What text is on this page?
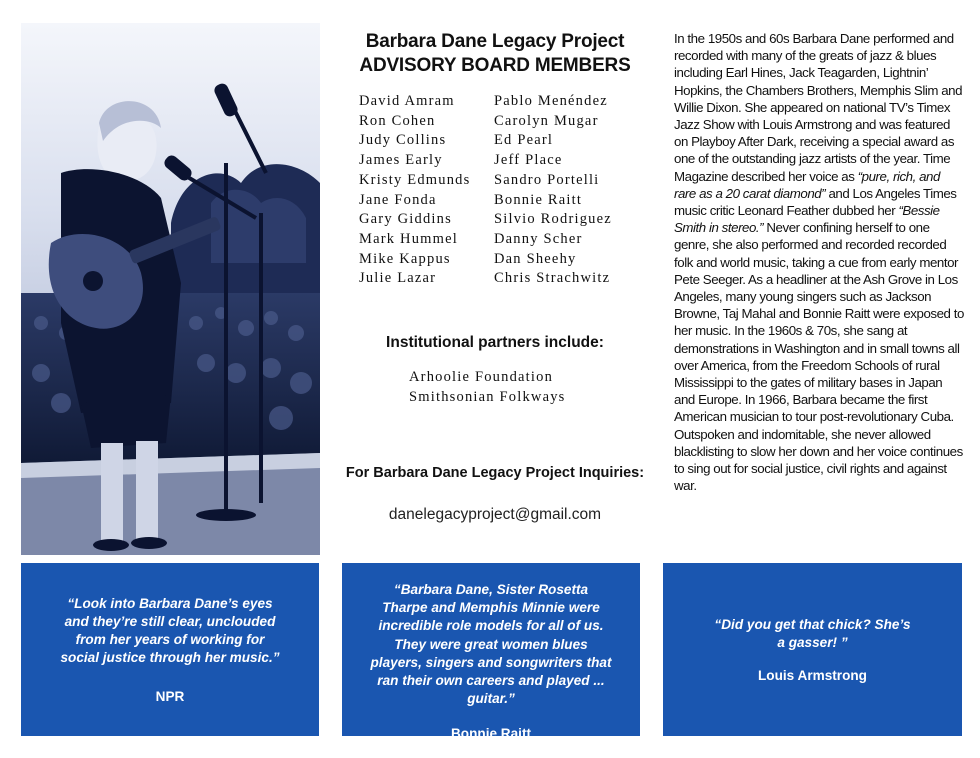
Barbara Dane Legacy Project
ADVISORY BOARD MEMBERS
David Amram
Ron Cohen
Judy Collins
James Early
Kristy Edmunds
Jane Fonda
Gary Giddins
Mark Hummel
Mike Kappus
Julie Lazar
Pablo Menéndez
Carolyn Mugar
Ed Pearl
Jeff Place
Sandro Portelli
Bonnie Raitt
Silvio Rodriguez
Danny Scher
Dan Sheehy
Chris Strachwitz
Institutional partners include:
Arhoolie Foundation
Smithsonian Folkways
For Barbara Dane Legacy Project Inquiries:

danelegacyproject@gmail.com

In the 1950s and 60s Barbara Dane performed and recorded with many of the greats of jazz & blues including Earl Hines, Jack Teagarden, Lightnin’ Hopkins, the Chambers Brothers, Memphis Slim and Willie Dixon. She appeared on national TV’s Timex Jazz Show with Louis Armstrong and was featured on Playboy After Dark, receiving a special award as one of the outstanding jazz artists of the year. Time Magazine described her voice as “pure, rich, and rare as a 20 carat diamond” and Los Angeles Times music critic Leonard Feather dubbed her “Bessie Smith in stereo.” Never confining herself to one genre, she also performed and recorded recorded folk and world music, taking a cue from early mentor Pete Seeger. As a headliner at the Ash Grove in Los Angeles, many young singers such as Jackson Browne, Taj Mahal and Bonnie Raitt were exposed to her music. In the 1960s & 70s, she sang at demonstrations in Washington and in small towns all over America, from the Freedom Schools of rural Mississippi to the gates of military bases in Japan and Europe. In 1966, Barbara became the first American musician to tour post-revolutionary Cuba. Outspoken and indomitable, she never allowed blacklisting to slow her down and her voice continues to sing out for social justice, civil rights and against war.

“Look into Barbara Dane’s eyes and they’re still clear, unclouded from her years of working for social justice through her music.”

NPR

“Barbara Dane, Sister Rosetta Tharpe and Memphis Minnie were incredible role models for all of us. They were great women blues players, singers and songwriters that ran their own careers and played ... guitar.”

Bonnie Raitt

“Did you get that chick? She’s a gasser! ”

Louis Armstrong
